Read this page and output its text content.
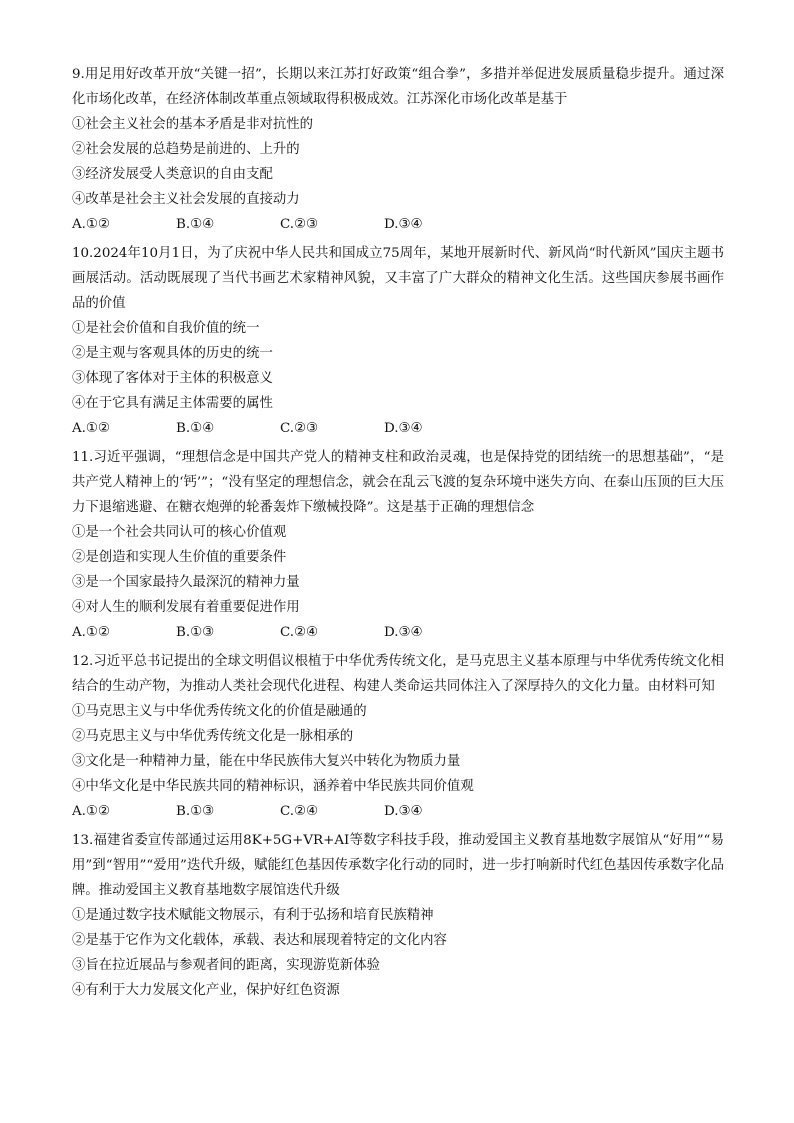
9.用足用好改革开放“关键一招”，长期以来江苏打好政策“组合拳”，多措并举促进发展质量稳步提升。通过深化市场化改革，在经济体制改革重点领域取得积极成效。江苏深化市场化改革是基于

①社会主义社会的基本矛盾是非对抗性的

②社会发展的总趋势是前进的、上升的

③经济发展受人类意识的自由支配

④改革是社会主义社会发展的直接动力

A.①②	B.①④	C.②③	D.③④

10.2024年10月1日，为了庆祝中华人民共和国成立75周年，某地开展新时代、新风尚“时代新风”国庆主题书画展活动。活动既展现了当代书画艺术家精神风貌，又丰富了广大群众的精神文化生活。这些国庆参展书画作品的价值

①是社会价值和自我价值的统一

②是主观与客观具体的历史的统一

③体现了客体对于主体的积极意义

④在于它具有满足主体需要的属性

A.①②	B.①④	C.②③	D.③④

11.习近平强调，“理想信念是中国共产党人的精神支柱和政治灵魂，也是保持党的团结统一的思想基础”，“是共产党人精神上的‘钙’”；“没有坚定的理想信念，就会在乱云飞渡的复杂环境中迷失方向、在泰山压顶的巨大压力下退缩逃避、在糖衣炮弹的轮番轰炸下缴械投降”。这是基于正确的理想信念

①是一个社会共同认可的核心价值观

②是创造和实现人生价值的重要条件

③是一个国家最持久最深沉的精神力量

④对人生的顺利发展有着重要促进作用

A.①②	B.①③	C.②④	D.③④

12.习近平总书记提出的全球文明倡议根植于中华优秀传统文化，是马克思主义基本原理与中华优秀传统文化相结合的生动产物，为推动人类社会现代化进程、构建人类命运共同体注入了深厚持久的文化力量。由材料可知

①马克思主义与中华优秀传统文化的价值是融通的

②马克思主义与中华优秀传统文化是一脉相承的

③文化是一种精神力量，能在中华民族伟大复兴中转化为物质力量

④中华文化是中华民族共同的精神标识，涵养着中华民族共同价值观

A.①②	B.①③	C.②④	D.③④

13.福建省委宣传部通过运用8K+5G+VR+AI等数字科技手段，推动爱国主义教育基地数字展馆从“好用”“易用”到“智用”“爱用”迭代升级，赋能红色基因传承数字化行动的同时，进一步打响新时代红色基因传承数字化品牌。推动爱国主义教育基地数字展馆迭代升级

①是通过数字技术赋能文物展示，有利于弘扬和培育民族精神

②是基于它作为文化载体，承载、表达和展现着特定的文化内容

③旨在拉近展品与参观者间的距离，实现游览新体验

④有利于大力发展文化产业，保护好红色资源
